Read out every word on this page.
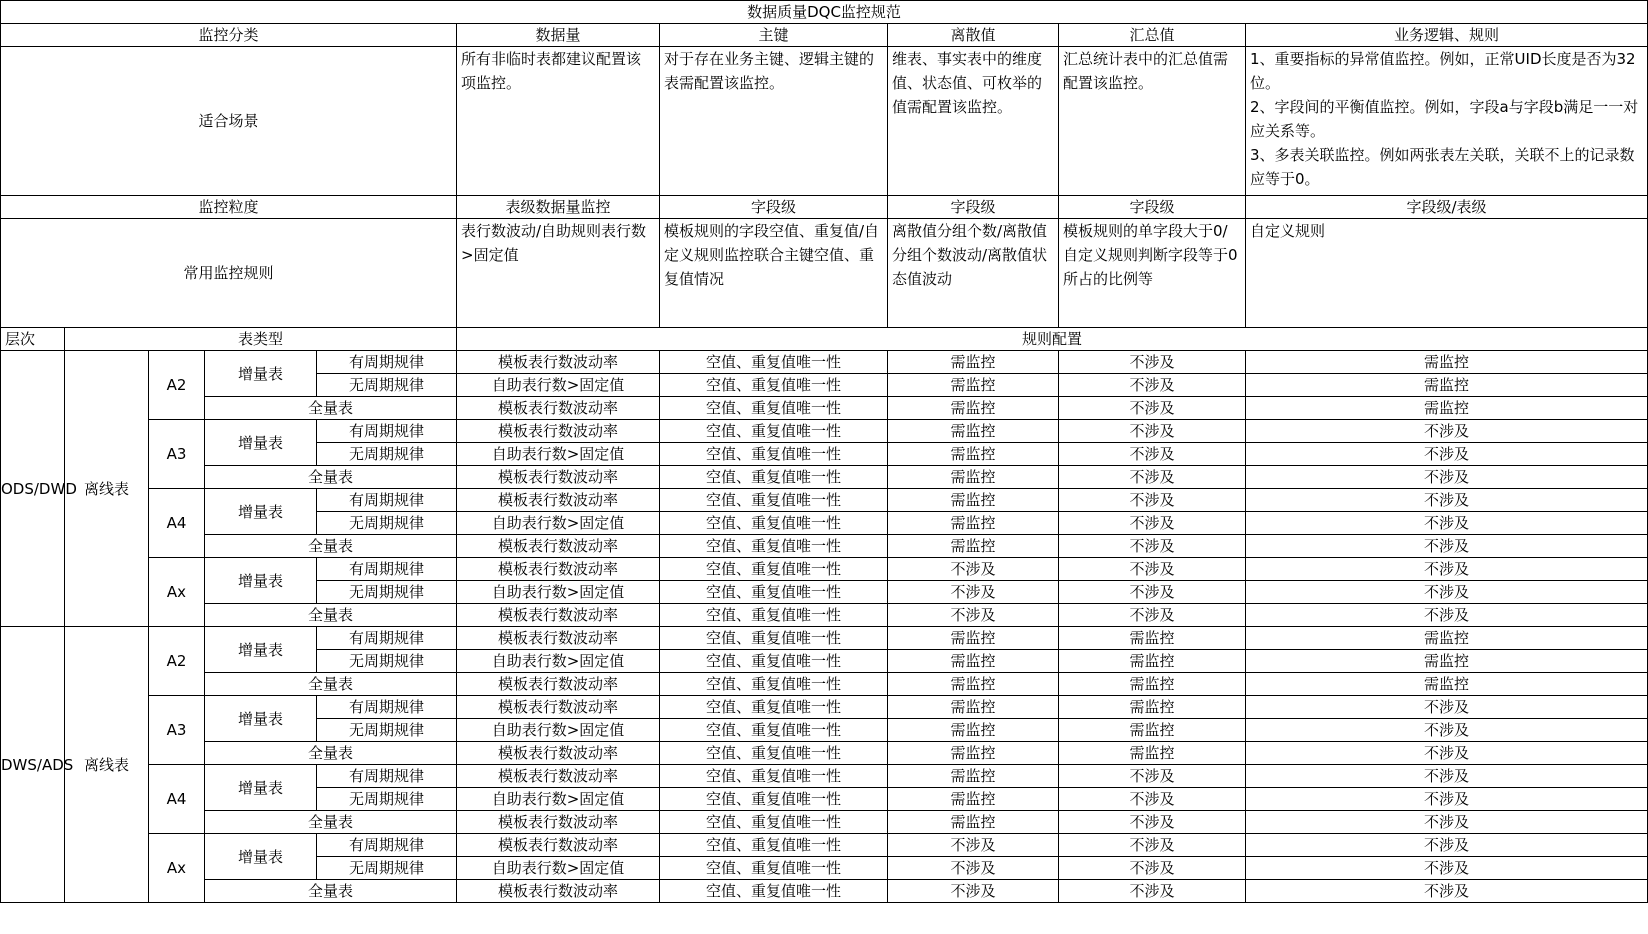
数据质量DQC监控规范									
监控分类					数据量	主键	离散值	汇总值	业务逻辑、规则
适合场景					所有非临时表都建议配置该项监控。	对于存在业务主键、逻辑主键的表需配置该监控。	维表、事实表中的维度值、状态值、可枚举的值需配置该监控。	汇总统计表中的汇总值需配置该监控。	1、重要指标的异常值监控。例如，正常UID长度是否为32位。
2、字段间的平衡值监控。例如，字段a与字段b满足一一对应关系等。
3、多表关联监控。例如两张表左关联，关联不上的记录数应等于0。
监控粒度					表级数据量监控	字段级	字段级	字段级	字段级/表级
常用监控规则					表行数波动/自助规则表行数>固定值	模板规则的字段空值、重复值/自定义规则监控联合主键空值、重复值情况	离散值分组个数/离散值分组个数波动/离散值状态值波动	模板规则的单字段大于0/自定义规则判断字段等于0所占的比例等	自定义规则
层次	表类型				规则配置				
ODS/DWD	离线表	A2	增量表	有周期规律	模板表行数波动率	空值、重复值唯一性	需监控	不涉及	需监控
				无周期规律	自助表行数>固定值	空值、重复值唯一性	需监控	不涉及	需监控
			全量表		模板表行数波动率	空值、重复值唯一性	需监控	不涉及	需监控
		A3	增量表	有周期规律	模板表行数波动率	空值、重复值唯一性	需监控	不涉及	不涉及
				无周期规律	自助表行数>固定值	空值、重复值唯一性	需监控	不涉及	不涉及
			全量表		模板表行数波动率	空值、重复值唯一性	需监控	不涉及	不涉及
		A4	增量表	有周期规律	模板表行数波动率	空值、重复值唯一性	需监控	不涉及	不涉及
				无周期规律	自助表行数>固定值	空值、重复值唯一性	需监控	不涉及	不涉及
			全量表		模板表行数波动率	空值、重复值唯一性	需监控	不涉及	不涉及
		Ax	增量表	有周期规律	模板表行数波动率	空值、重复值唯一性	不涉及	不涉及	不涉及
				无周期规律	自助表行数>固定值	空值、重复值唯一性	不涉及	不涉及	不涉及
			全量表		模板表行数波动率	空值、重复值唯一性	不涉及	不涉及	不涉及
DWS/ADS	离线表	A2	增量表	有周期规律	模板表行数波动率	空值、重复值唯一性	需监控	需监控	需监控
				无周期规律	自助表行数>固定值	空值、重复值唯一性	需监控	需监控	需监控
			全量表		模板表行数波动率	空值、重复值唯一性	需监控	需监控	需监控
		A3	增量表	有周期规律	模板表行数波动率	空值、重复值唯一性	需监控	需监控	不涉及
				无周期规律	自助表行数>固定值	空值、重复值唯一性	需监控	需监控	不涉及
			全量表		模板表行数波动率	空值、重复值唯一性	需监控	需监控	不涉及
		A4	增量表	有周期规律	模板表行数波动率	空值、重复值唯一性	需监控	不涉及	不涉及
				无周期规律	自助表行数>固定值	空值、重复值唯一性	需监控	不涉及	不涉及
			全量表		模板表行数波动率	空值、重复值唯一性	需监控	不涉及	不涉及
		Ax	增量表	有周期规律	模板表行数波动率	空值、重复值唯一性	不涉及	不涉及	不涉及
				无周期规律	自助表行数>固定值	空值、重复值唯一性	不涉及	不涉及	不涉及
			全量表		模板表行数波动率	空值、重复值唯一性	不涉及	不涉及	不涉及
